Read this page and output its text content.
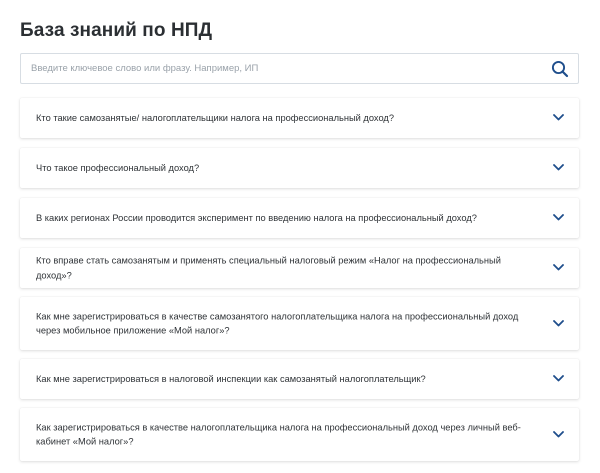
База знаний по НПД
Введите ключевое слово или фразу. Например, ИП
Кто такие самозанятые/ налогоплательщики налога на профессиональный доход?
Что такое профессиональный доход?
В каких регионах России проводится эксперимент по введению налога на профессиональный доход?
Кто вправе стать самозанятым и применять специальный налоговый режим «Налог на профессиональный доход»?
Как мне зарегистрироваться в качестве самозанятого налогоплательщика налога на профессиональный доход через мобильное приложение «Мой налог»?
Как мне зарегистрироваться в налоговой инспекции как самозанятый налогоплательщик?
Как зарегистрироваться в качестве налогоплательщика налога на профессиональный доход через личный веб-кабинет «Мой налог»?
